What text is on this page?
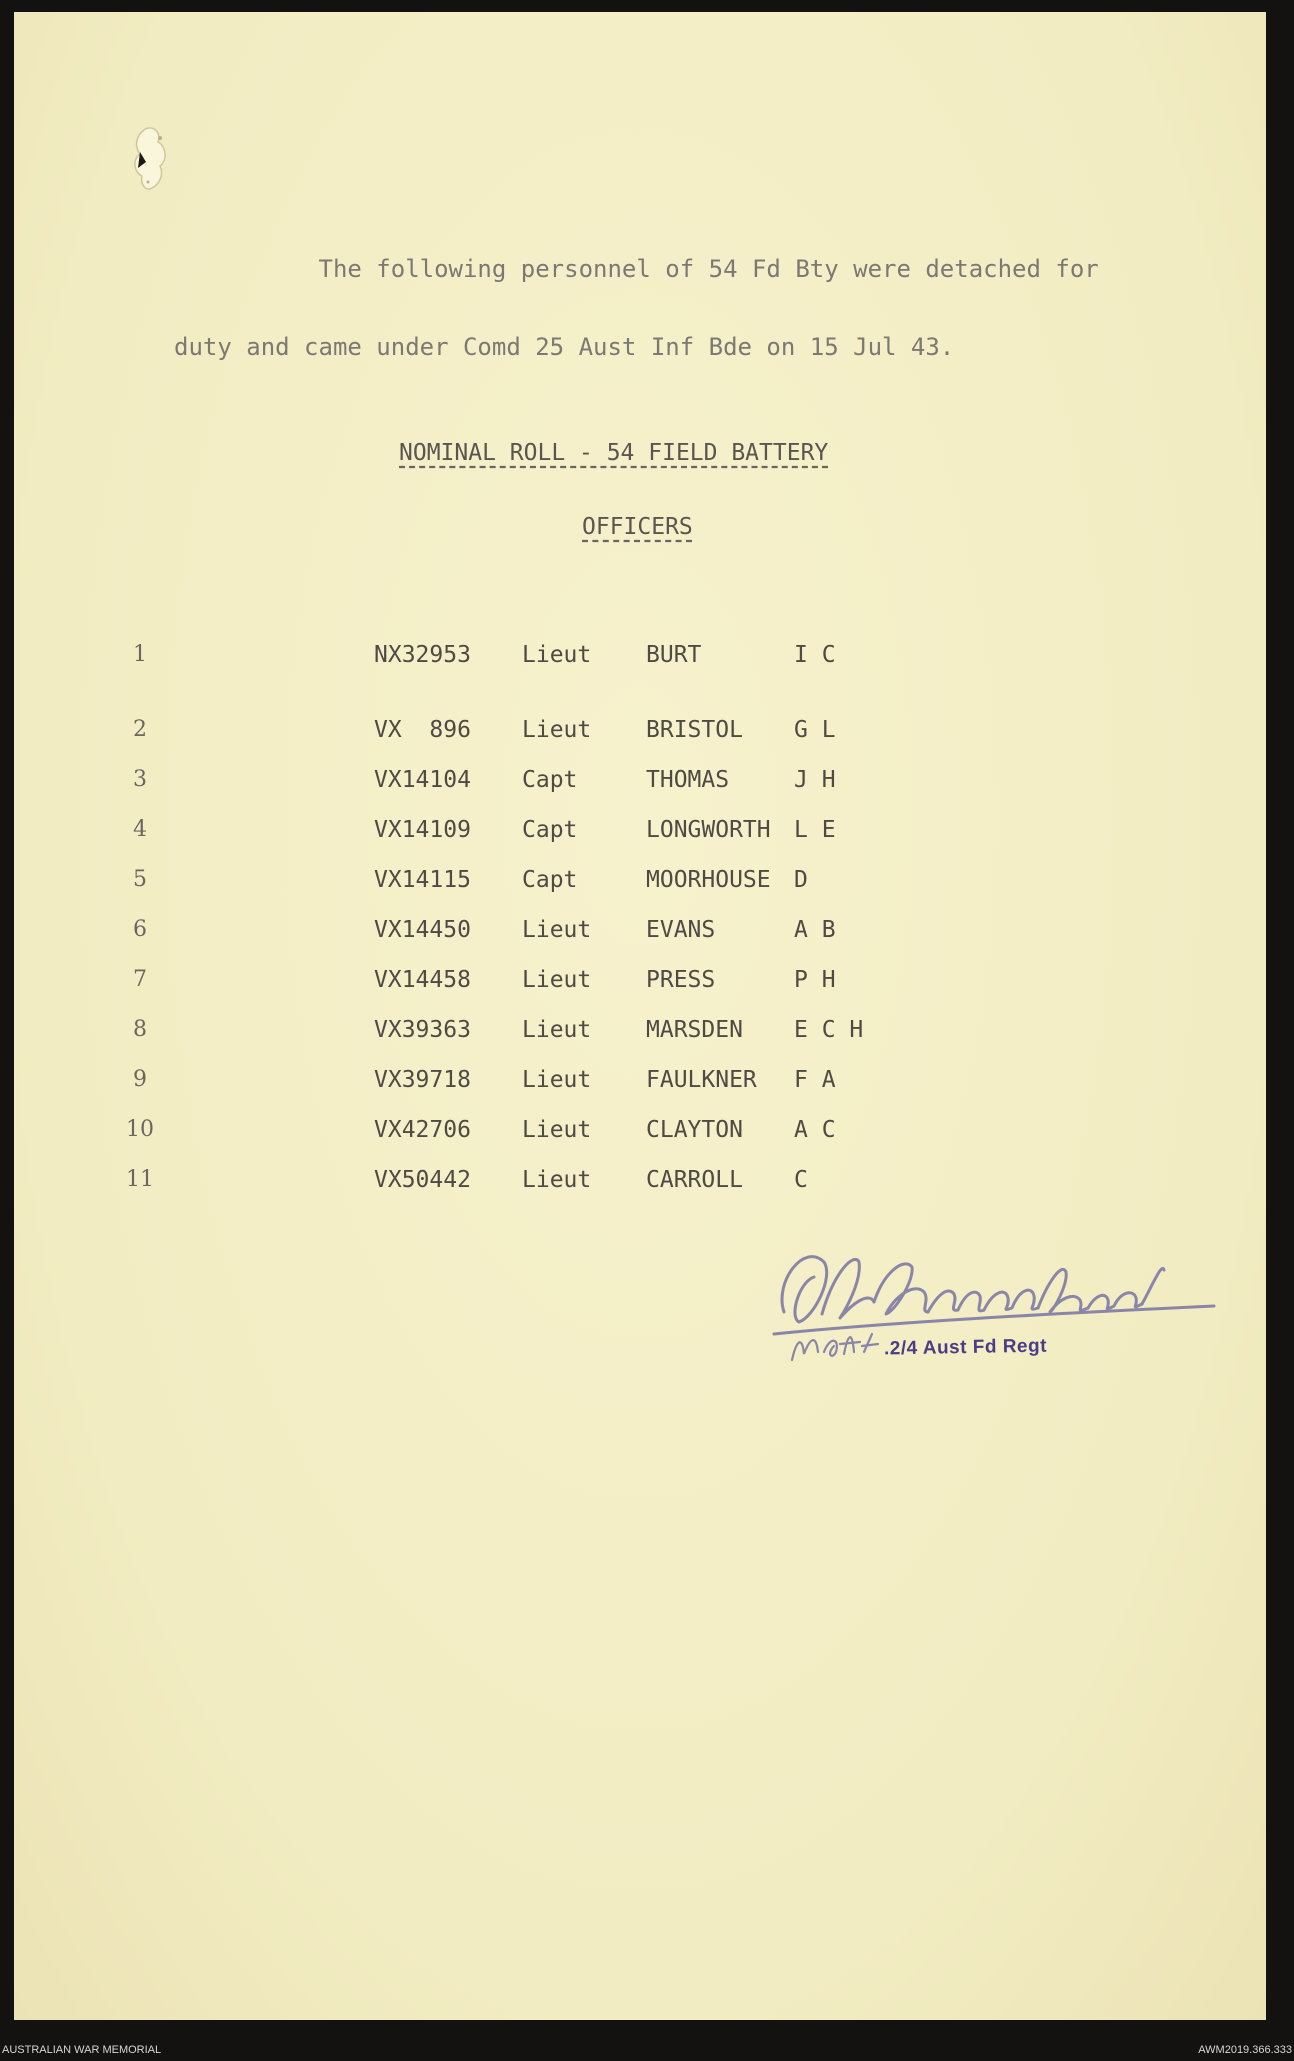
The following personnel of 54 Fd Bty were detached for

duty and came under Comd 25 Aust Inf Bde on 15 Jul 43.

NOMINAL ROLL - 54 FIELD BATTERY
OFFICERS
1	NX32953 Lieut BURT	I C
2	VX  896 Lieut BRISTOL G L
3	VX14104 Capt	THOMAS	J H
4	VX14109 Capt	LONGWORTH L E
5	VX14115 Capt	MOORHOUSE D
6	VX14450 Lieut EVANS	A B
7	VX14458 Lieut PRESS	P H
8	VX39363 Lieut MARSDEN E C H
9	VX39718 Lieut FAULKNER F A
10	VX42706 Lieut CLAYTON A C
11	VX50442 Lieut CARROLL C
.2/4 Aust Fd Regt
AUSTRALIAN WAR MEMORIAL	AWM2019.366.333
